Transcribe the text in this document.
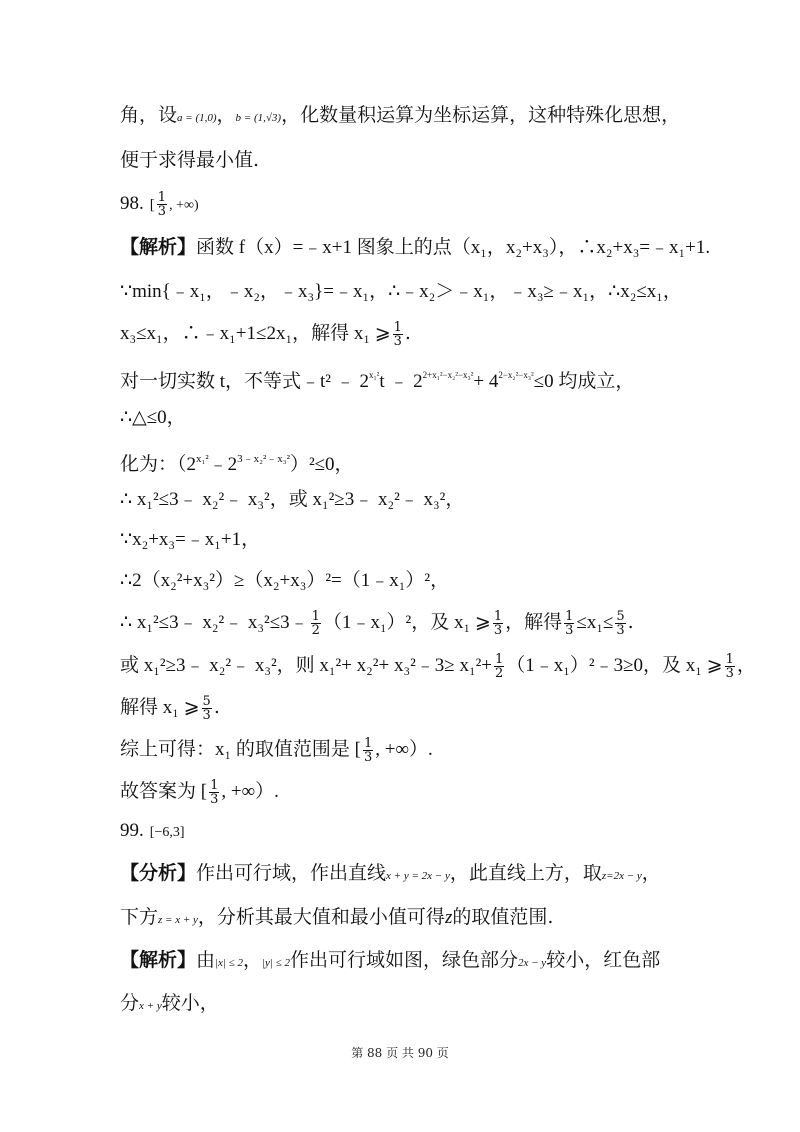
角，设a = (1,0)，b = (1,√3)，化数量积运算为坐标运算，这种特殊化思想，
便于求得最小值.
98. [ $\frac{1}{3}$ , +∞)
【解析】函数 f（x）=﹣x+1 图象上的点（x₁，x₂+x₃），∴x₂+x₃=﹣x₁+1.
∵min{﹣x₁，﹣x₂，﹣x₃}=﹣x₁，∴﹣x₂＞﹣x₁，﹣x₃≥﹣x₁，∴x₂≤x₁，
x₃≤x₁，∴﹣x₁+1≤2x₁，解得 x₁ ⩾ $\frac{1}{3}$ .
对一切实数 t，不等式﹣t² ﹣ $2^{x_1^2}t$ ﹣ $2^{2+x_1^2-x_2^2-x_3^2}+ 4^{2-x_2^2-x_3^2}\le 0$ 均成立，
∴△≤0，
化为：$(2^{x_1^2}﹣2^{3﹣x_2^2﹣x_3^2})^2\le 0$，
∴ x₁²≤3﹣ x₂²﹣ x₃²，或 x₁²≥3﹣ x₂²﹣ x₃²，
∵x₂+x₃=﹣x₁+1，
∴2（x₂²+x₃²）≥（x₂+x₃）²=（1﹣x₁）²，
∴ x₁²≤3﹣ x₂²﹣ x₃²≤3﹣ $\frac{1}{2}$ （1﹣x₁）²，及 x₁ ⩾ $\frac{1}{3}$ ，解得 $\frac{1}{3} \le x_1\le \frac{5}{3}$ .
或 x₁²≥3﹣ x₂²﹣ x₃²，则 x₁²+ x₂²+ x₃²﹣3≥ $x_1^2+ \frac{1}{2}$ （1﹣x₁）²﹣3≥0，及 x₁ ⩾ $\frac{1}{3}$ ，
解得 x₁ ⩾ $\frac{5}{3}$ .
综上可得：x₁ 的取值范围是 [ $\frac{1}{3}$ , +∞）.
故答案为 [ $\frac{1}{3}$ , +∞）.
99. [−6,3]
【分析】作出可行域，作出直线x + y = 2x − y，此直线上方，取z=2x − y，
下方z = x + y，分析其最大值和最小值可得z的取值范围.
【解析】由|x| ≤ 2，|y| ≤ 2作出可行域如图，绿色部分2x − y较小，红色部
分x + y较小，
第 88 页 共 90 页
